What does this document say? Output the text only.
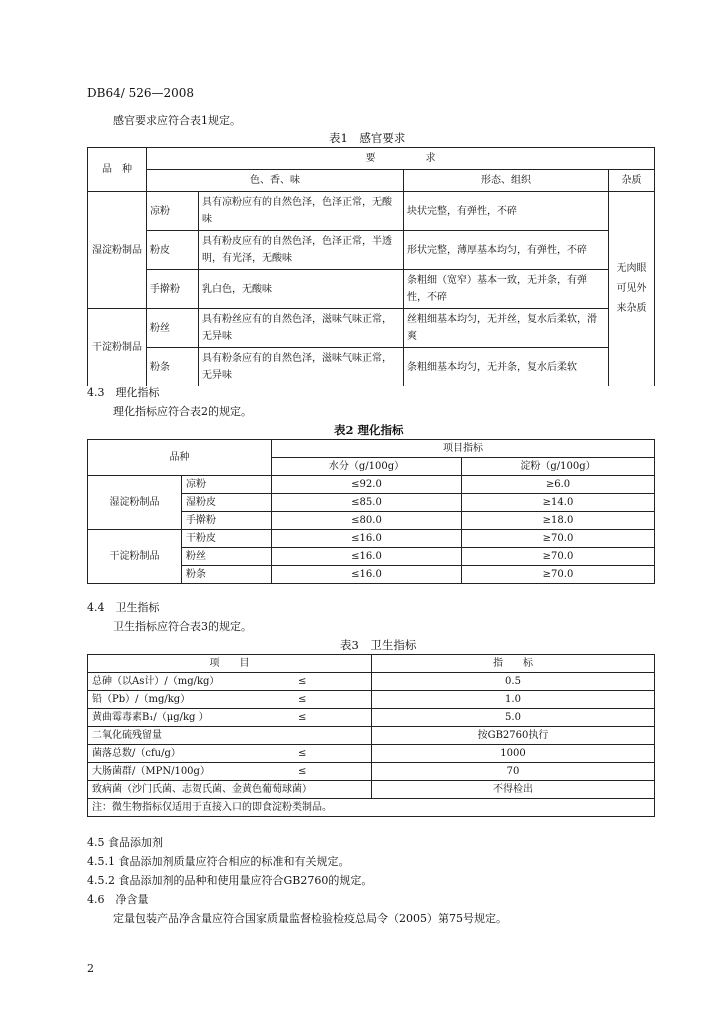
DB64/ 526—2008
感官要求应符合表1规定。
表1　感官要求
品　种	要　　　　　求			
	色、香、味		形态、组织	杂质
湿淀粉制品	凉粉	具有凉粉应有的自然色泽，色泽正常，无酸味	块状完整，有弹性，不碎	无肉眼可见外来杂质
	粉皮	具有粉皮应有的自然色泽，色泽正常，半透明，有光泽，无酸味	形状完整，薄厚基本均匀，有弹性，不碎	
	手擀粉	乳白色，无酸味	条粗细（宽窄）基本一致，无并条，有弹性，不碎	
干淀粉制品	粉丝	具有粉丝应有的自然色泽，滋味气味正常，无异味	丝粗细基本均匀，无并丝，复水后柔软，滑爽	
	粉条	具有粉条应有的自然色泽，滋味气味正常，无异味	条粗细基本均匀，无并条，复水后柔软	
4.3　理化指标
理化指标应符合表2的规定。
表2 理化指标
品种		项目指标	
		水分（g/100g）	淀粉（g/100g）
湿淀粉制品	凉粉	≤92.0	≥6.0
	湿粉皮	≤85.0	≥14.0
	手擀粉	≤80.0	≥18.0
干淀粉制品	干粉皮	≤16.0	≥70.0
	粉丝	≤16.0	≥70.0
	粉条	≤16.0	≥70.0
4.4　卫生指标
卫生指标应符合表3的规定。
表3　卫生指标
项　　目	指　　标
总砷（以As计）/（mg/kg） ≤	0.5
铅（Pb）/（mg/kg） ≤	1.0
黄曲霉毒素B₁/（μg/kg ） ≤	5.0
二氧化硫残留量	按GB2760执行
菌落总数/（cfu/g） ≤	1000
大肠菌群/（MPN/100g） ≤	70
致病菌（沙门氏菌、志贺氏菌、金黄色葡萄球菌）	不得检出
注：微生物指标仅适用于直接入口的即食淀粉类制品。	
4.5 食品添加剂
4.5.1 食品添加剂质量应符合相应的标准和有关规定。
4.5.2 食品添加剂的品种和使用量应符合GB2760的规定。
4.6　净含量
定量包装产品净含量应符合国家质量监督检验检疫总局令（2005）第75号规定。
2
